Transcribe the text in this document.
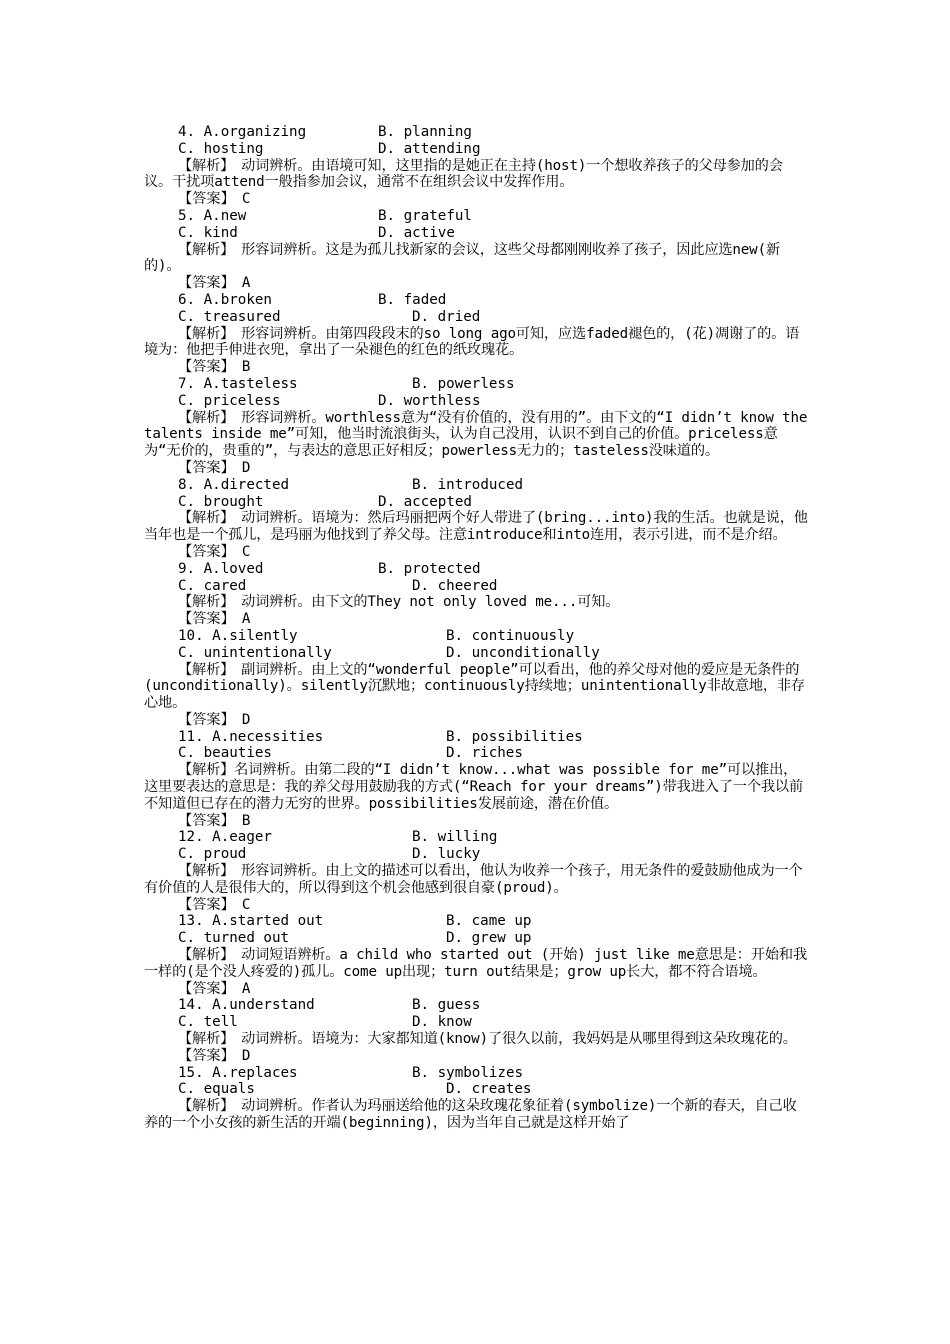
4. A.organizing	B. planning
C. hosting	D. attending
【解析】　动词辨析。由语境可知，这里指的是她正在主持(host)一个想收养孩子的父母参加的会议。干扰项attend一般指参加会议，通常不在组织会议中发挥作用。
【答案】　C
5. A.new	B. grateful
C. kind	D. active
【解析】　形容词辨析。这是为孤儿找新家的会议，这些父母都刚刚收养了孩子，因此应选new(新的)。
【答案】　A
6. A.broken	B. faded
C. treasured	D. dried
【解析】　形容词辨析。由第四段段末的so long ago可知，应选faded褪色的，(花)凋谢了的。语境为：他把手伸进衣兜，拿出了一朵褪色的红色的纸玫瑰花。
【答案】　B
7. A.tasteless	B. powerless
C. priceless	D. worthless
【解析】　形容词辨析。worthless意为“没有价值的，没有用的”。由下文的“I didn’t know the talents inside me”可知，他当时流浪街头，认为自己没用，认识不到自己的价值。priceless意为“无价的，贵重的”，与表达的意思正好相反；powerless无力的；tasteless没味道的。
【答案】　D
8. A.directed	B. introduced
C. brought	D. accepted
【解析】　动词辨析。语境为：然后玛丽把两个好人带进了(bring...into)我的生活。也就是说，他当年也是一个孤儿，是玛丽为他找到了养父母。注意introduce和into连用，表示引进，而不是介绍。
【答案】　C
9. A.loved	B. protected
C. cared	D. cheered
【解析】　动词辨析。由下文的They not only loved me...可知。
【答案】　A
10. A.silently	B. continuously
C. unintentionally	D. unconditionally
【解析】　副词辨析。由上文的“wonderful people”可以看出，他的养父母对他的爱应是无条件的(unconditionally)。silently沉默地；continuously持续地；unintentionally非故意地，非存心地。
【答案】　D
11. A.necessities	B. possibilities
C. beauties	D. riches
【解析】名词辨析。由第二段的“I didn’t know...what was possible for me”可以推出，这里要表达的意思是：我的养父母用鼓励我的方式(“Reach for your dreams”)带我进入了一个我以前不知道但已存在的潜力无穷的世界。possibilities发展前途，潜在价值。
【答案】　B
12. A.eager	B. willing
C. proud	D. lucky
【解析】　形容词辨析。由上文的描述可以看出，他认为收养一个孩子，用无条件的爱鼓励他成为一个有价值的人是很伟大的，所以得到这个机会他感到很自豪(proud)。
【答案】　C
13. A.started out	B. came up
C. turned out	D. grew up
【解析】　动词短语辨析。a child who started out (开始) just like me意思是：开始和我一样的(是个没人疼爱的)孤儿。come up出现；turn out结果是；grow up长大，都不符合语境。
【答案】　A
14. A.understand	B. guess
C. tell	D. know
【解析】　动词辨析。语境为：大家都知道(know)了很久以前，我妈妈是从哪里得到这朵玫瑰花的。
【答案】　D
15. A.replaces	B. symbolizes
C. equals	D. creates
【解析】　动词辨析。作者认为玛丽送给他的这朵玫瑰花象征着(symbolize)一个新的春天，自己收养的一个小女孩的新生活的开端(beginning)，因为当年自己就是这样开始了
